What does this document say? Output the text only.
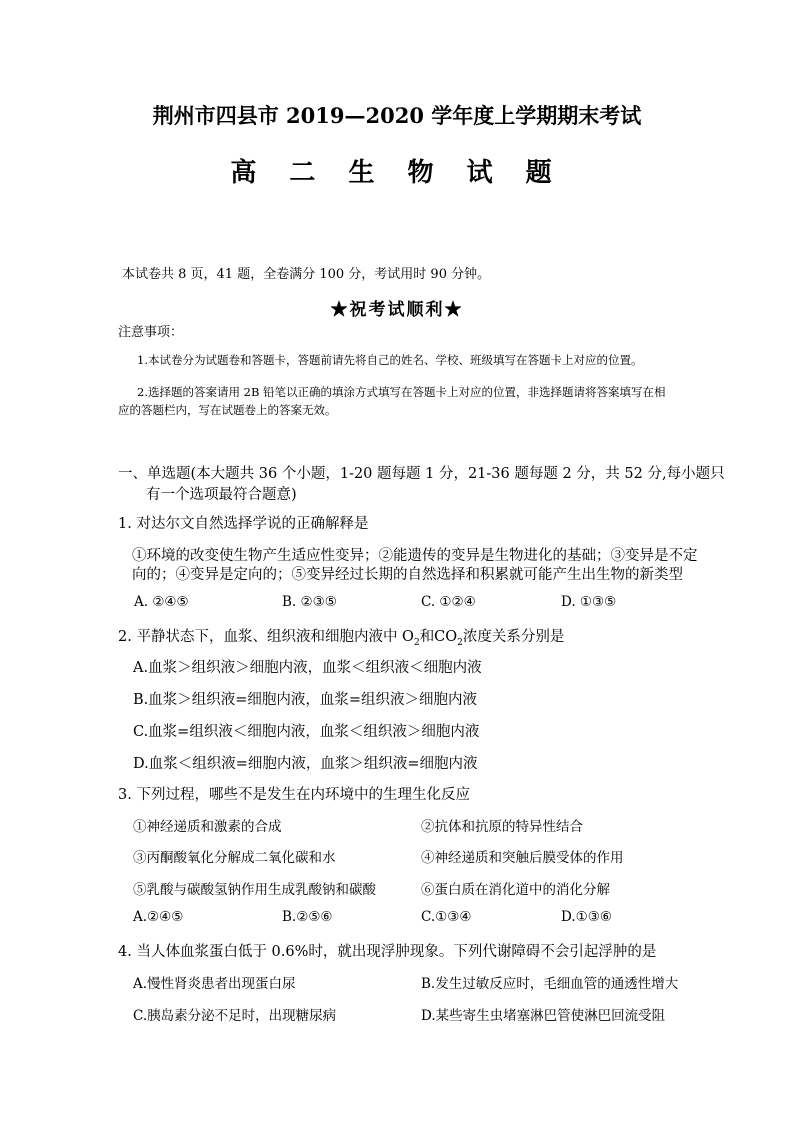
荆州市四县市 2019—2020 学年度上学期期末考试
高 二 生 物 试 题
本试卷共 8 页，41 题，全卷满分 100 分，考试用时 90 分钟。
★祝考试顺利★
注意事项：
1.本试卷分为试题卷和答题卡，答题前请先将自己的姓名、学校、班级填写在答题卡上对应的位置。
2.选择题的答案请用 2B 铅笔以正确的填涂方式填写在答题卡上对应的位置，非选择题请将答案填写在相
应的答题栏内，写在试题卷上的答案无效。
一、单选题(本大题共 36 个小题，1-20 题每题 1 分，21-36 题每题 2 分，共 52 分,每小题只
有一个选项最符合题意)
1. 对达尔文自然选择学说的正确解释是
①环境的改变使生物产生适应性变异；②能遗传的变异是生物进化的基础；③变异是不定
向的；④变异是定向的；⑤变异经过长期的自然选择和积累就可能产生出生物的新类型
A. ②④⑤	B. ②③⑤	C. ①②④	D. ①③⑤
2. 平静状态下，血浆、组织液和细胞内液中 $O_2$和$CO_2$浓度关系分别是
A.血浆＞组织液＞细胞内液，血浆＜组织液＜细胞内液
B.血浆＞组织液=细胞内液，血浆=组织液＞细胞内液
C.血浆=组织液＜细胞内液，血浆＜组织液＞细胞内液
D.血浆＜组织液=细胞内液，血浆＞组织液=细胞内液
3. 下列过程，哪些不是发生在内环境中的生理生化反应
①神经递质和激素的合成	②抗体和抗原的特异性结合
③丙酮酸氧化分解成二氧化碳和水	④神经递质和突触后膜受体的作用
⑤乳酸与碳酸氢钠作用生成乳酸钠和碳酸	⑥蛋白质在消化道中的消化分解
A.②④⑤	B.②⑤⑥	C.①③④	D.①③⑥
4. 当人体血浆蛋白低于 0.6%时，就出现浮肿现象。下列代谢障碍不会引起浮肿的是
A.慢性肾炎患者出现蛋白尿	B.发生过敏反应时，毛细血管的通透性增大
C.胰岛素分泌不足时，出现糖尿病	D.某些寄生虫堵塞淋巴管使淋巴回流受阻
